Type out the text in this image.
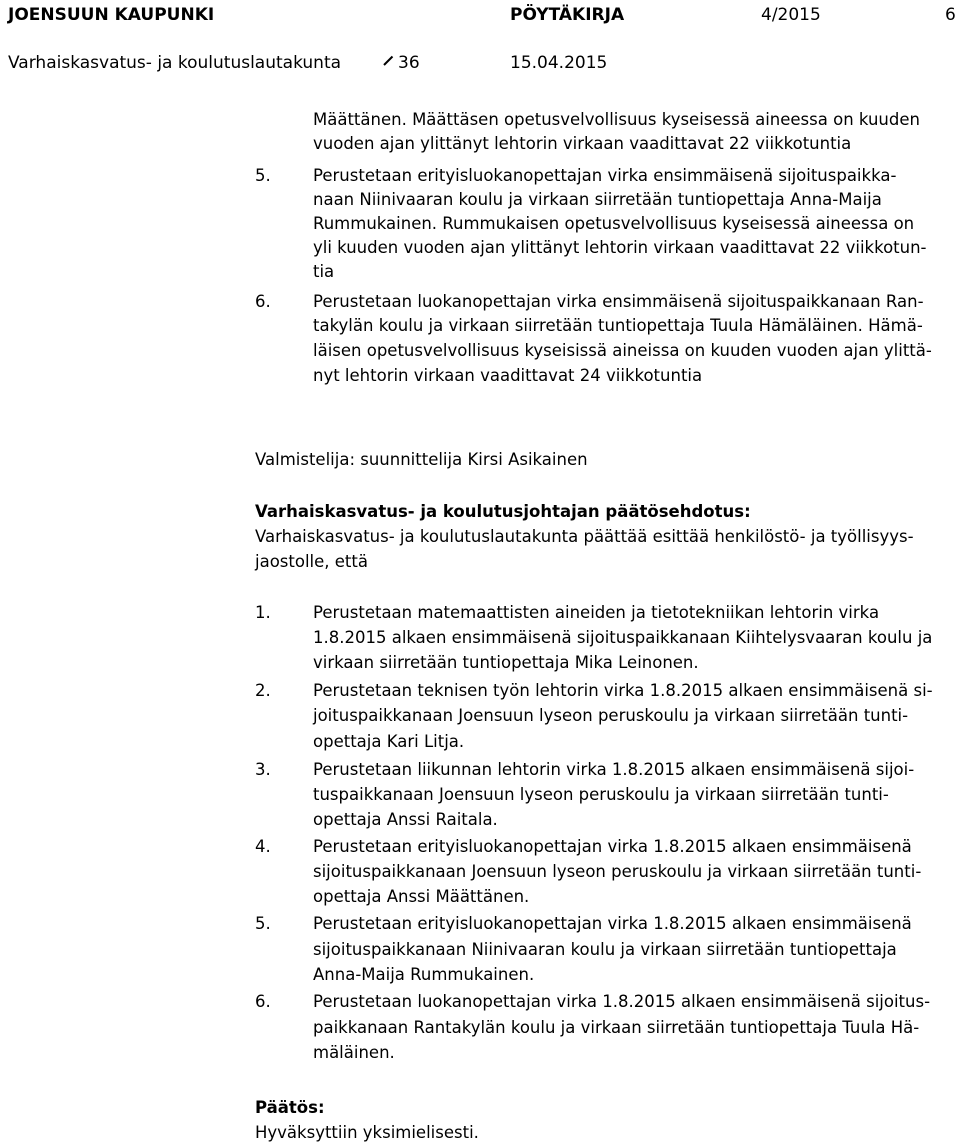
JOENSUUN KAUPUNKI	PÖYTÄKIRJA	4/2015	6
Varhaiskasvatus- ja koulutuslautakunta	36	15.04.2015
Määttänen. Määttäsen opetusvelvollisuus kyseisessä aineessa on kuuden
vuoden ajan ylittänyt lehtorin virkaan vaadittavat 22 viikkotuntia
5.	Perustetaan erityisluokanopettajan virka ensimmäisenä sijoituspaikka-
naan Niinivaaran koulu ja virkaan siirretään tuntiopettaja Anna-Maija
Rummukainen. Rummukaisen opetusvelvollisuus kyseisessä aineessa on
yli kuuden vuoden ajan ylittänyt lehtorin virkaan vaadittavat 22 viikkotun-
tia
6.	Perustetaan luokanopettajan virka ensimmäisenä sijoituspaikkanaan Ran-
takylän koulu ja virkaan siirretään tuntiopettaja Tuula Hämäläinen. Hämä-
läisen opetusvelvollisuus kyseisissä aineissa on kuuden vuoden ajan ylittä-
nyt lehtorin virkaan vaadittavat 24 viikkotuntia
Valmistelija: suunnittelija Kirsi Asikainen
Varhaiskasvatus- ja koulutusjohtajan päätösehdotus:
Varhaiskasvatus- ja koulutuslautakunta päättää esittää henkilöstö- ja työllisyys-
jaostolle, että
1.	Perustetaan matemaattisten aineiden ja tietotekniikan lehtorin virka
1.8.2015 alkaen ensimmäisenä sijoituspaikkanaan Kiihtelysvaaran koulu ja
virkaan siirretään tuntiopettaja Mika Leinonen.
2.	Perustetaan teknisen työn lehtorin virka 1.8.2015 alkaen ensimmäisenä si-
joituspaikkanaan Joensuun lyseon peruskoulu ja virkaan siirretään tunti-
opettaja Kari Litja.
3.	Perustetaan liikunnan lehtorin virka 1.8.2015 alkaen ensimmäisenä sijoi-
tuspaikkanaan Joensuun lyseon peruskoulu ja virkaan siirretään tunti-
opettaja Anssi Raitala.
4.	Perustetaan erityisluokanopettajan virka 1.8.2015 alkaen ensimmäisenä
sijoituspaikkanaan Joensuun lyseon peruskoulu ja virkaan siirretään tunti-
opettaja Anssi Määttänen.
5.	Perustetaan erityisluokanopettajan virka 1.8.2015 alkaen ensimmäisenä
sijoituspaikkanaan Niinivaaran koulu ja virkaan siirretään tuntiopettaja
Anna-Maija Rummukainen.
6.	Perustetaan luokanopettajan virka 1.8.2015 alkaen ensimmäisenä sijoitus-
paikkanaan Rantakylän koulu ja virkaan siirretään tuntiopettaja Tuula Hä-
mäläinen.
Päätös:
Hyväksyttiin yksimielisesti.
